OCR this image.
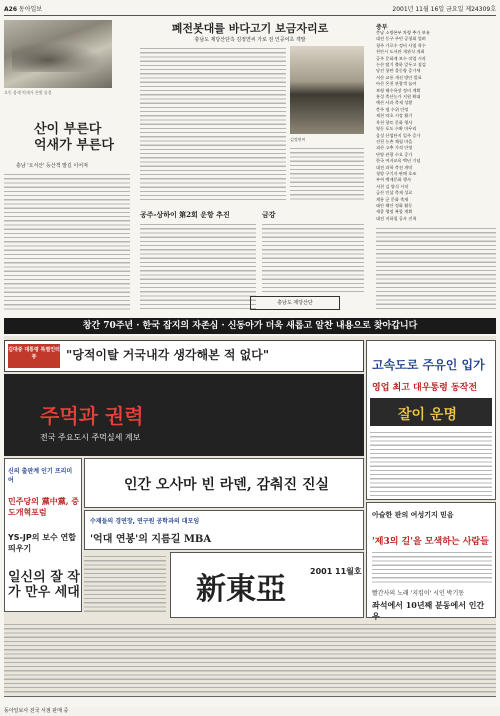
A26 동아일보	2001년 11월 16일 금요일 제24309호
오동 몸색 억새가 은빛 물결
산이 부른다
억새가 부른다
충남 '오서산' 등산객 발길 이어져
폐전봇대를 바다고기 보금자리로
충남도 제당산단측 김정연씨 가로 전 인공어초 개발
김정연씨
공주-상하이 第2회 운항 추진	금강
충남도 제당산단
중부
충남 소방본부 차량 추가 보유
대전 동구 주민 공청회 열려
청주 가로수 정비 사업 착수
천안시 도서관 개관식 개최
공주 문화재 보수 작업 시작
논산 딸기 출하 앞두고 점검
당진 항만 물동량 증가세
서산 교통 개선 방안 발표
아산 온천 관광객 늘어
보령 해수욕장 정비 계획
홍성 축산농가 지원 확대
예산 사과 축제 성황
충주 댐 수위 안정
제천 약초 시장 활기
옥천 향토 문화 행사
영동 포도 수확 마무리
음성 산업단지 입주 증가
진천 농촌 체험 마을
괴산 고추 가격 안정
단양 관광 수요 증가
한국 여자교육 백년 기념
대전 과학 축전 개막
청양 구기자 판매 호조
부여 백제문화 행사
서천 김 양식 시작
금산 인삼 축제 성료
계룡 군 문화 축제
태안 해안 정화 활동
세종 행정 복합 계획
대전 지하철 공사 진척
창간 70주년 · 한국 잡지의 자존심 · 신동아가 더욱 새롭고 알찬 내용으로 찾아갑니다
김대중 대통령 특별인터뷰	"당적이탈 거국내각 생각해본 적 없다"
주먹과 권력
전국 주요도시 주먹실세 계보
고속도로 주유인 입가
영업 최고 대우통령 동작전
잘이 운명
신의 출판계 인기 프리미어
민주당의 黨中黨, 중도개혁포럼
YS-JP의 보수 연합 띄우기
일신의 잘 작가 만우 세대
인간 오사마 빈 라덴, 감춰진 진실
수재들의 경연장, 연구원 공학과의 대모임
'억대 연봉'의 지름길 MBA
新東亞
2001 11월호
아슬한 판의 여성기지 믿음
'제3의 길'을 모색하는 사람들
빨간사의 노래 '지킴이' 시인 박기동
좌석에서 10년째 분동에서 인간 우
동아일보사 전국 서점 판매 중
